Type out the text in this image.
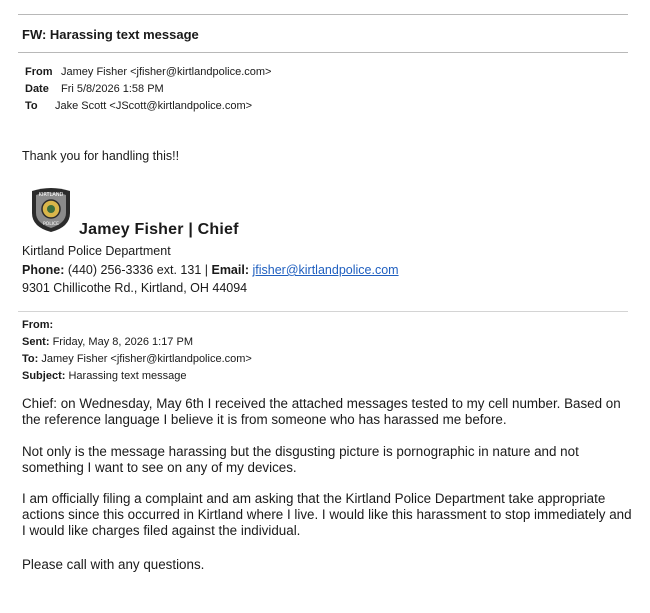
FW: Harassing text message
From Jamey Fisher <jfisher@kirtlandpolice.com>
Date Fri 5/8/2026 1:58 PM
To Jake Scott <JScott@kirtlandpolice.com>
Thank you for handling this!!
KIRTLAND
POLICE Jamey Fisher | Chief
Kirtland Police Department
Phone: (440) 256-3336 ext. 131 | Email: jfisher@kirtlandpolice.com
9301 Chillicothe Rd., Kirtland, OH 44094
From:
Sent: Friday, May 8, 2026 1:17 PM
To: Jamey Fisher <jfisher@kirtlandpolice.com>
Subject: Harassing text message
Chief: on Wednesday, May 6th I received the attached messages tested to my cell number. Based on the reference language I believe it is from someone who has harassed me before.
Not only is the message harassing but the disgusting picture is pornographic in nature and not something I want to see on any of my devices.
I am officially filing a complaint and am asking that the Kirtland Police Department take appropriate actions since this occurred in Kirtland where I live. I would like this harassment to stop immediately and I would like charges filed against the individual.
Please call with any questions.
